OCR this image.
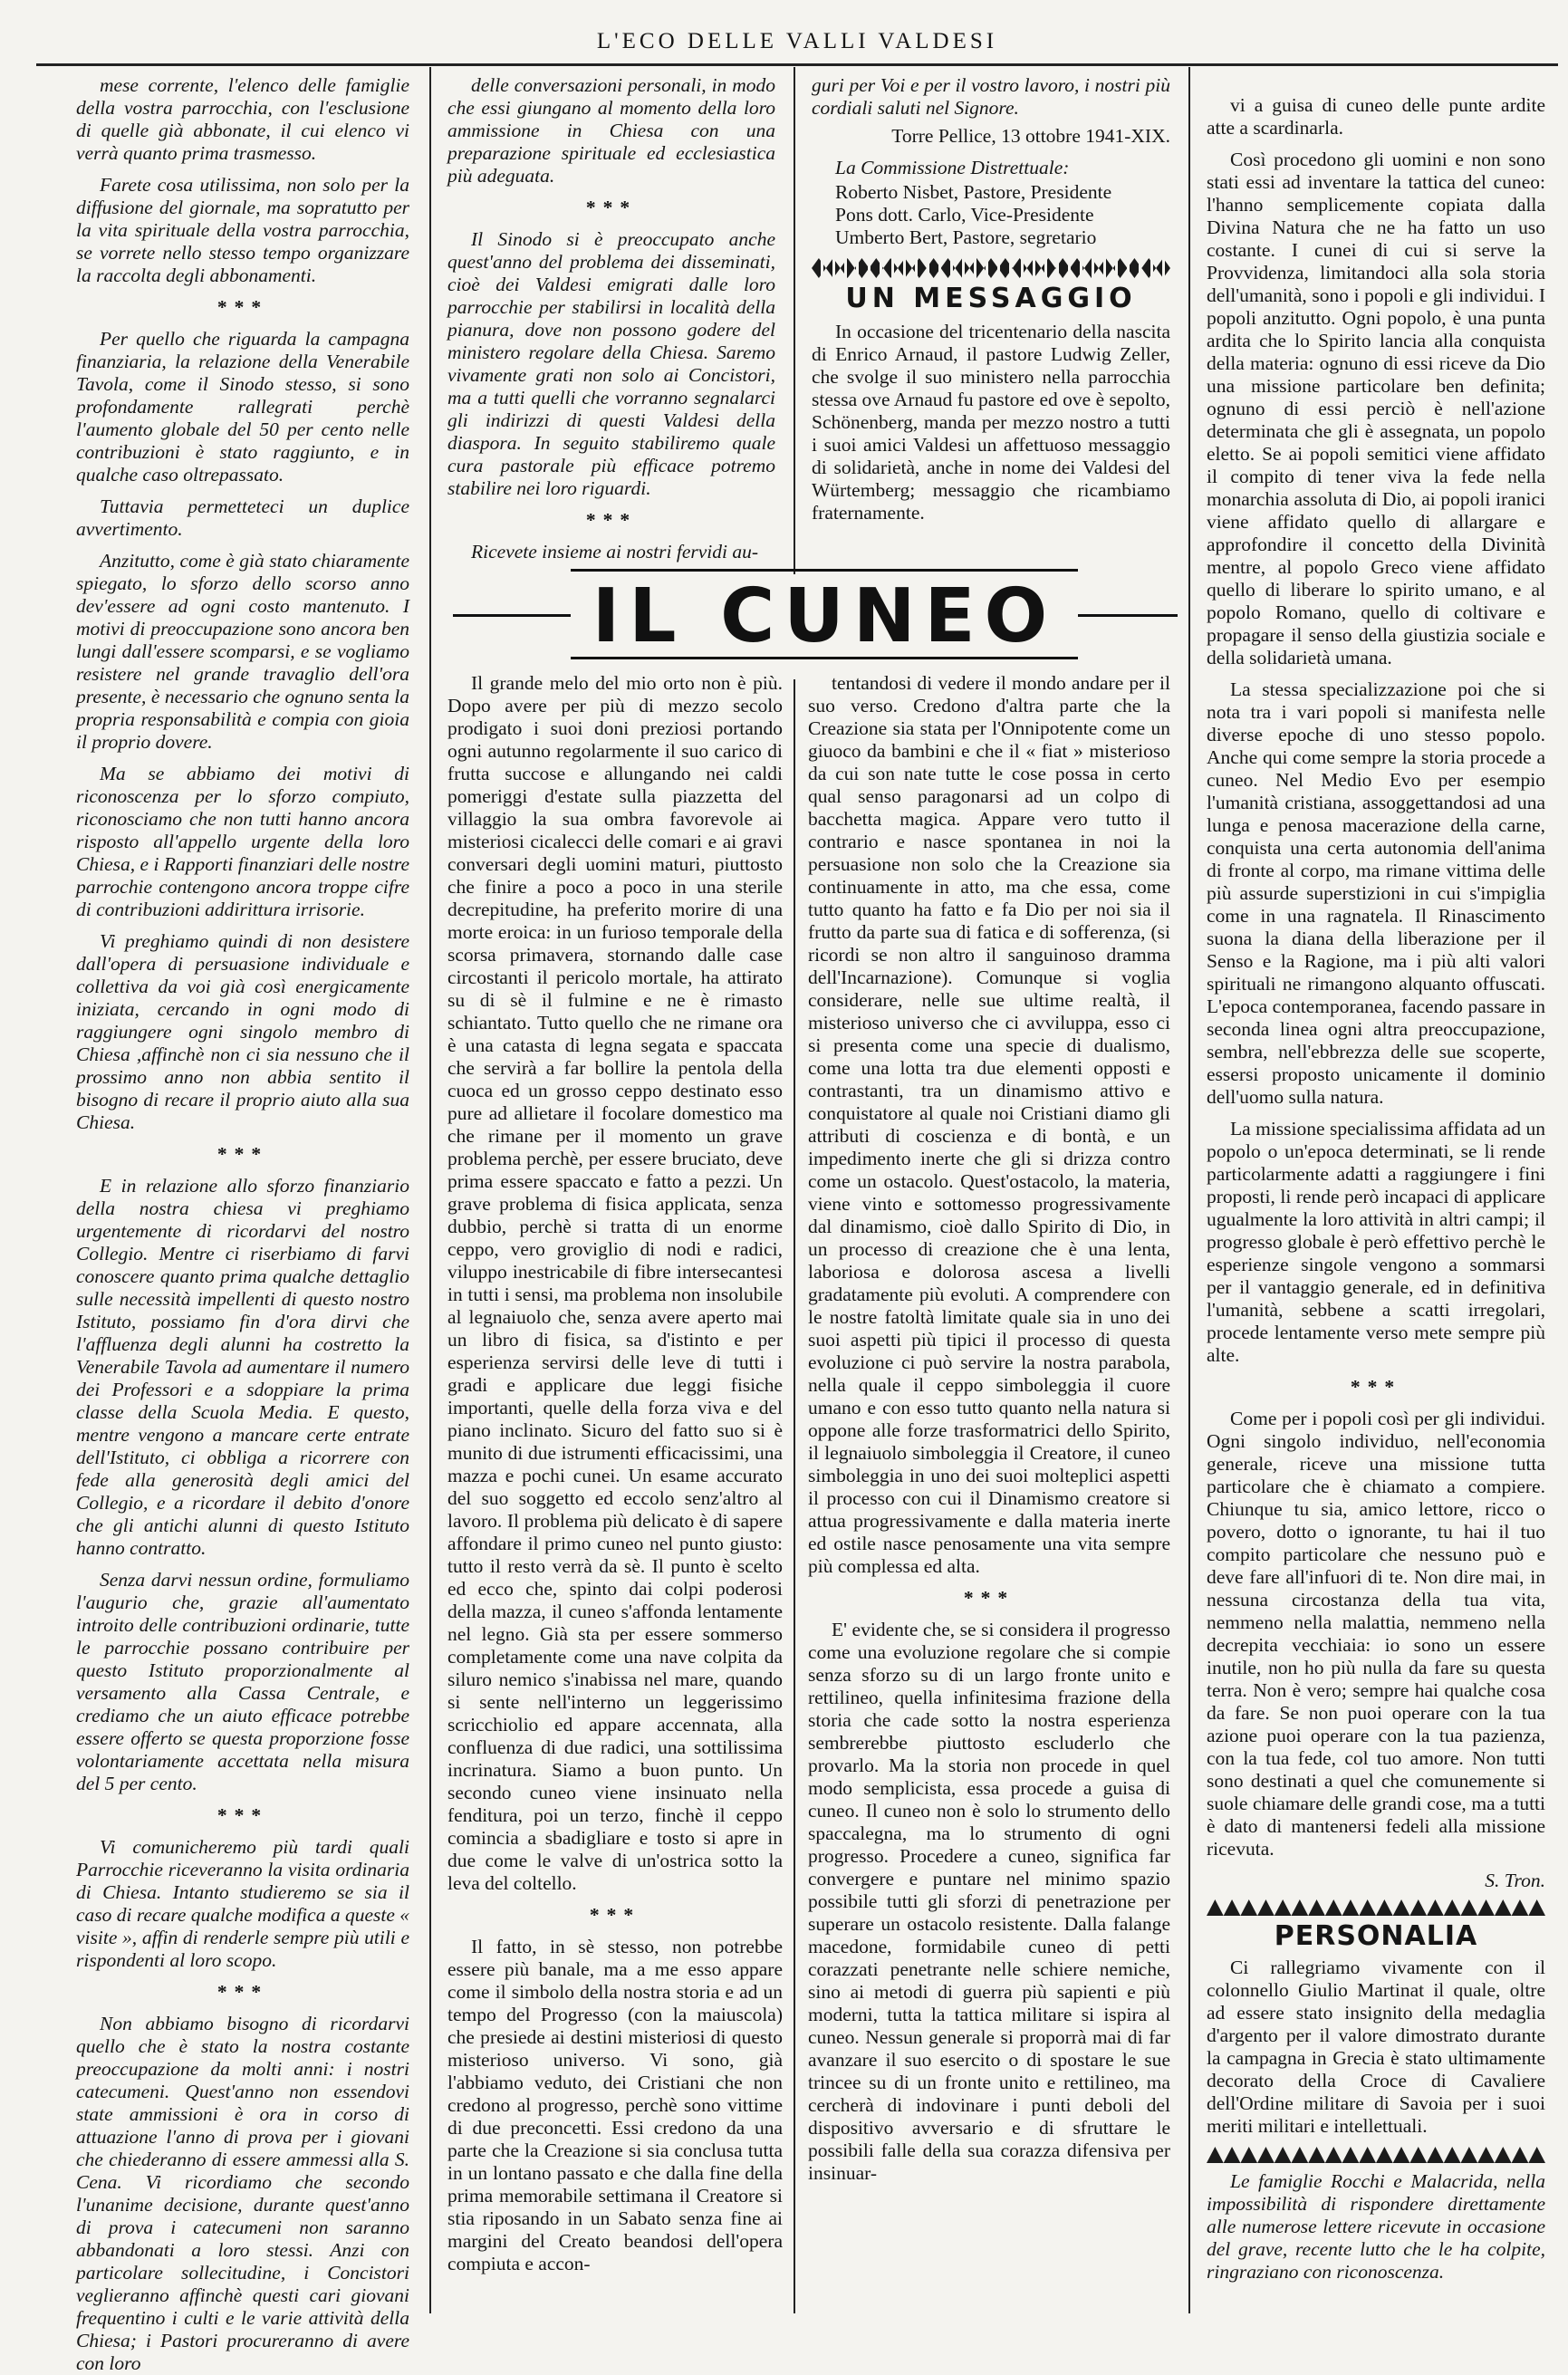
L'ECO DELLE VALLI VALDESI

mese corrente, l'elenco delle famiglie della vostra parrocchia, con l'esclusione di quelle già abbonate, il cui elenco vi verrà quanto prima trasmesso.

Farete cosa utilissima, non solo per la diffusione del giornale, ma sopratutto per la vita spirituale della vostra parrocchia, se vorrete nello stesso tempo organizzare la raccolta degli abbonamenti.

***

Per quello che riguarda la campagna finanziaria, la relazione della Venerabile Tavola, come il Sinodo stesso, si sono profondamente rallegrati perchè l'aumento globale del 50 per cento nelle contribuzioni è stato raggiunto, e in qualche caso oltrepassato.

Tuttavia permetteteci un duplice avvertimento.

Anzitutto, come è già stato chiaramente spiegato, lo sforzo dello scorso anno dev'essere ad ogni costo mantenuto. I motivi di preoccupazione sono ancora ben lungi dall'essere scomparsi, e se vogliamo resistere nel grande travaglio dell'ora presente, è necessario che ognuno senta la propria responsabilità e compia con gioia il proprio dovere.

Ma se abbiamo dei motivi di riconoscenza per lo sforzo compiuto, riconosciamo che non tutti hanno ancora risposto all'appello urgente della loro Chiesa, e i Rapporti finanziari delle nostre parrochie contengono ancora troppe cifre di contribuzioni addirittura irrisorie.

Vi preghiamo quindi di non desistere dall'opera di persuasione individuale e collettiva da voi già così energicamente iniziata, cercando in ogni modo di raggiungere ogni singolo membro di Chiesa ,affinchè non ci sia nessuno che il prossimo anno non abbia sentito il bisogno di recare il proprio aiuto alla sua Chiesa.

***

E in relazione allo sforzo finanziario della nostra chiesa vi preghiamo urgentemente di ricordarvi del nostro Collegio. Mentre ci riserbiamo di farvi conoscere quanto prima qualche dettaglio sulle necessità impellenti di questo nostro Istituto, possiamo fin d'ora dirvi che l'affluenza degli alunni ha costretto la Venerabile Tavola ad aumentare il numero dei Professori e a sdoppiare la prima classe della Scuola Media. E questo, mentre vengono a mancare certe entrate dell'Istituto, ci obbliga a ricorrere con fede alla generosità degli amici del Collegio, e a ricordare il debito d'onore che gli antichi alunni di questo Istituto hanno contratto.

Senza darvi nessun ordine, formuliamo l'augurio che, grazie all'aumentato introito delle contribuzioni ordinarie, tutte le parrocchie possano contribuire per questo Istituto proporzionalmente al versamento alla Cassa Centrale, e crediamo che un aiuto efficace potrebbe essere offerto se questa proporzione fosse volontariamente accettata nella misura del 5 per cento.

***

Vi comunicheremo più tardi quali Parrocchie riceveranno la visita ordinaria di Chiesa. Intanto studieremo se sia il caso di recare qualche modifica a queste « visite », affin di renderle sempre più utili e rispondenti al loro scopo.

***

Non abbiamo bisogno di ricordarvi quello che è stato la nostra costante preoccupazione da molti anni: i nostri catecumeni. Quest'anno non essendovi state ammissioni è ora in corso di attuazione l'anno di prova per i giovani che chiederanno di essere ammessi alla S. Cena. Vi ricordiamo che secondo l'unanime decisione, durante quest'anno di prova i catecumeni non saranno abbandonati a loro stessi. Anzi con particolare sollecitudine, i Concistori veglieranno affinchè questi cari giovani frequentino i culti e le varie attività della Chiesa; i Pastori procureranno di avere con loro

delle conversazioni personali, in modo che essi giungano al momento della loro ammissione in Chiesa con una preparazione spirituale ed ecclesiastica più adeguata.

***

Il Sinodo si è preoccupato anche quest'anno del problema dei disseminati, cioè dei Valdesi emigrati dalle loro parrocchie per stabilirsi in località della pianura, dove non possono godere del ministero regolare della Chiesa. Saremo vivamente grati non solo ai Concistori, ma a tutti quelli che vorranno segnalarci gli indirizzi di questi Valdesi della diaspora. In seguito stabiliremo quale cura pastorale più efficace potremo stabilire nei loro riguardi.

***

Ricevete insieme ai nostri fervidi au-

guri per Voi e per il vostro lavoro, i nostri più cordiali saluti nel Signore.

Torre Pellice, 13 ottobre 1941-XIX.

La Commissione Distrettuale:

Roberto Nisbet, Pastore, Presidente
Pons dott. Carlo, Vice-Presidente
Umberto Bert, Pastore, segretario
UN MESSAGGIO

In occasione del tricentenario della nascita di Enrico Arnaud, il pastore Ludwig Zeller, che svolge il suo ministero nella parrocchia stessa ove Arnaud fu pastore ed ove è sepolto, Schönenberg, manda per mezzo nostro a tutti i suoi amici Valdesi un affettuoso messaggio di solidarietà, anche in nome dei Valdesi del Würtemberg; messaggio che ricambiamo fraternamente.

IL CUNEO

Il grande melo del mio orto non è più. Dopo avere per più di mezzo secolo prodigato i suoi doni preziosi portando ogni autunno regolarmente il suo carico di frutta succose e allungando nei caldi pomeriggi d'estate sulla piazzetta del villaggio la sua ombra favorevole ai misteriosi cicalecci delle comari e ai gravi conversari degli uomini maturi, piuttosto che finire a poco a poco in una sterile decrepitudine, ha preferito morire di una morte eroica: in un furioso temporale della scorsa primavera, stornando dalle case circostanti il pericolo mortale, ha attirato su di sè il fulmine e ne è rimasto schiantato. Tutto quello che ne rimane ora è una catasta di legna segata e spaccata che servirà a far bollire la pentola della cuoca ed un grosso ceppo destinato esso pure ad allietare il focolare domestico ma che rimane per il momento un grave problema perchè, per essere bruciato, deve prima essere spaccato e fatto a pezzi. Un grave problema di fisica applicata, senza dubbio, perchè si tratta di un enorme ceppo, vero groviglio di nodi e radici, viluppo inestricabile di fibre intersecantesi in tutti i sensi, ma problema non insolubile al legnaiuolo che, senza avere aperto mai un libro di fisica, sa d'istinto e per esperienza servirsi delle leve di tutti i gradi e applicare due leggi fisiche importanti, quelle della forza viva e del piano inclinato. Sicuro del fatto suo si è munito di due istrumenti efficacissimi, una mazza e pochi cunei. Un esame accurato del suo soggetto ed eccolo senz'altro al lavoro. Il problema più delicato è di sapere affondare il primo cuneo nel punto giusto: tutto il resto verrà da sè. Il punto è scelto ed ecco che, spinto dai colpi poderosi della mazza, il cuneo s'affonda lentamente nel legno. Già sta per essere sommerso completamente come una nave colpita da siluro nemico s'inabissa nel mare, quando si sente nell'interno un leggerissimo scricchiolio ed appare accennata, alla confluenza di due radici, una sottilissima incrinatura. Siamo a buon punto. Un secondo cuneo viene insinuato nella fenditura, poi un terzo, finchè il ceppo comincia a sbadigliare e tosto si apre in due come le valve di un'ostrica sotto la leva del coltello.

***

Il fatto, in sè stesso, non potrebbe essere più banale, ma a me esso appare come il simbolo della nostra storia e ad un tempo del Progresso (con la maiuscola) che presiede ai destini misteriosi di questo misterioso universo. Vi sono, già l'abbiamo veduto, dei Cristiani che non credono al progresso, perchè sono vittime di due preconcetti. Essi credono da una parte che la Creazione si sia conclusa tutta in un lontano passato e che dalla fine della prima memorabile settimana il Creatore si stia riposando in un Sabato senza fine ai margini del Creato beandosi dell'opera compiuta e accon-

tentandosi di vedere il mondo andare per il suo verso. Credono d'altra parte che la Creazione sia stata per l'Onnipotente come un giuoco da bambini e che il « fiat » misterioso da cui son nate tutte le cose possa in certo qual senso paragonarsi ad un colpo di bacchetta magica. Appare vero tutto il contrario e nasce spontanea in noi la persuasione non solo che la Creazione sia continuamente in atto, ma che essa, come tutto quanto ha fatto e fa Dio per noi sia il frutto da parte sua di fatica e di sofferenza, (si ricordi se non altro il sanguinoso dramma dell'Incarnazione). Comunque si voglia considerare, nelle sue ultime realtà, il misterioso universo che ci avviluppa, esso ci si presenta come una specie di dualismo, come una lotta tra due elementi opposti e contrastanti, tra un dinamismo attivo e conquistatore al quale noi Cristiani diamo gli attributi di coscienza e di bontà, e un impedimento inerte che gli si drizza contro come un ostacolo. Quest'ostacolo, la materia, viene vinto e sottomesso progressivamente dal dinamismo, cioè dallo Spirito di Dio, in un processo di creazione che è una lenta, laboriosa e dolorosa ascesa a livelli gradatamente più evoluti. A comprendere con le nostre fatoltà limitate quale sia in uno dei suoi aspetti più tipici il processo di questa evoluzione ci può servire la nostra parabola, nella quale il ceppo simboleggia il cuore umano e con esso tutto quanto nella natura si oppone alle forze trasformatrici dello Spirito, il legnaiuolo simboleggia il Creatore, il cuneo simboleggia in uno dei suoi molteplici aspetti il processo con cui il Dinamismo creatore si attua progressivamente e dalla materia inerte ed ostile nasce penosamente una vita sempre più complessa ed alta.

***

E' evidente che, se si considera il progresso come una evoluzione regolare che si compie senza sforzo su di un largo fronte unito e rettilineo, quella infinitesima frazione della storia che cade sotto la nostra esperienza sembrerebbe piuttosto escluderlo che provarlo. Ma la storia non procede in quel modo semplicista, essa procede a guisa di cuneo. Il cuneo non è solo lo strumento dello spaccalegna, ma lo strumento di ogni progresso. Procedere a cuneo, significa far convergere e puntare nel minimo spazio possibile tutti gli sforzi di penetrazione per superare un ostacolo resistente. Dalla falange macedone, formidabile cuneo di petti corazzati penetrante nelle schiere nemiche, sino ai metodi di guerra più sapienti e più moderni, tutta la tattica militare si ispira al cuneo. Nessun generale si proporrà mai di far avanzare il suo esercito o di spostare le sue trincee su di un fronte unito e rettilineo, ma cercherà di indovinare i punti deboli del dispositivo avversario e di sfruttare le possibili falle della sua corazza difensiva per insinuar-

vi a guisa di cuneo delle punte ardite atte a scardinarla.

Così procedono gli uomini e non sono stati essi ad inventare la tattica del cuneo: l'hanno semplicemente copiata dalla Divina Natura che ne ha fatto un uso costante. I cunei di cui si serve la Provvidenza, limitandoci alla sola storia dell'umanità, sono i popoli e gli individui. I popoli anzitutto. Ogni popolo, è una punta ardita che lo Spirito lancia alla conquista della materia: ognuno di essi riceve da Dio una missione particolare ben definita; ognuno di essi perciò è nell'azione determinata che gli è assegnata, un popolo eletto. Se ai popoli semitici viene affidato il compito di tener viva la fede nella monarchia assoluta di Dio, ai popoli iranici viene affidato quello di allargare e approfondire il concetto della Divinità mentre, al popolo Greco viene affidato quello di liberare lo spirito umano, e al popolo Romano, quello di coltivare e propagare il senso della giustizia sociale e della solidarietà umana.

La stessa specializzazione poi che si nota tra i vari popoli si manifesta nelle diverse epoche di uno stesso popolo. Anche qui come sempre la storia procede a cuneo. Nel Medio Evo per esempio l'umanità cristiana, assoggettandosi ad una lunga e penosa macerazione della carne, conquista una certa autonomia dell'anima di fronte al corpo, ma rimane vittima delle più assurde superstizioni in cui s'impiglia come in una ragnatela. Il Rinascimento suona la diana della liberazione per il Senso e la Ragione, ma i più alti valori spirituali ne rimangono alquanto offuscati. L'epoca contemporanea, facendo passare in seconda linea ogni altra preoccupazione, sembra, nell'ebbrezza delle sue scoperte, essersi proposto unicamente il dominio dell'uomo sulla natura.

La missione specialissima affidata ad un popolo o un'epoca determinati, se li rende particolarmente adatti a raggiungere i fini proposti, li rende però incapaci di applicare ugualmente la loro attività in altri campi; il progresso globale è però effettivo perchè le esperienze singole vengono a sommarsi per il vantaggio generale, ed in definitiva l'umanità, sebbene a scatti irregolari, procede lentamente verso mete sempre più alte.

***

Come per i popoli così per gli individui. Ogni singolo individuo, nell'economia generale, riceve una missione tutta particolare che è chiamato a compiere. Chiunque tu sia, amico lettore, ricco o povero, dotto o ignorante, tu hai il tuo compito particolare che nessuno può e deve fare all'infuori di te. Non dire mai, in nessuna circostanza della tua vita, nemmeno nella malattia, nemmeno nella decrepita vecchiaia: io sono un essere inutile, non ho più nulla da fare su questa terra. Non è vero; sempre hai qualche cosa da fare. Se non puoi operare con la tua azione puoi operare con la tua pazienza, con la tua fede, col tuo amore. Non tutti sono destinati a quel che comunemente si suole chiamare delle grandi cose, ma a tutti è dato di mantenersi fedeli alla missione ricevuta.

S. Tron.
PERSONALIA

Ci rallegriamo vivamente con il colonnello Giulio Martinat il quale, oltre ad essere stato insignito della medaglia d'argento per il valore dimostrato durante la campagna in Grecia è stato ultimamente decorato della Croce di Cavaliere dell'Ordine militare di Savoia per i suoi meriti militari e intellettuali.

Le famiglie Rocchi e Malacrida, nella impossibilità di rispondere direttamente alle numerose lettere ricevute in occasione del grave, recente lutto che le ha colpite, ringraziano con riconoscenza.
